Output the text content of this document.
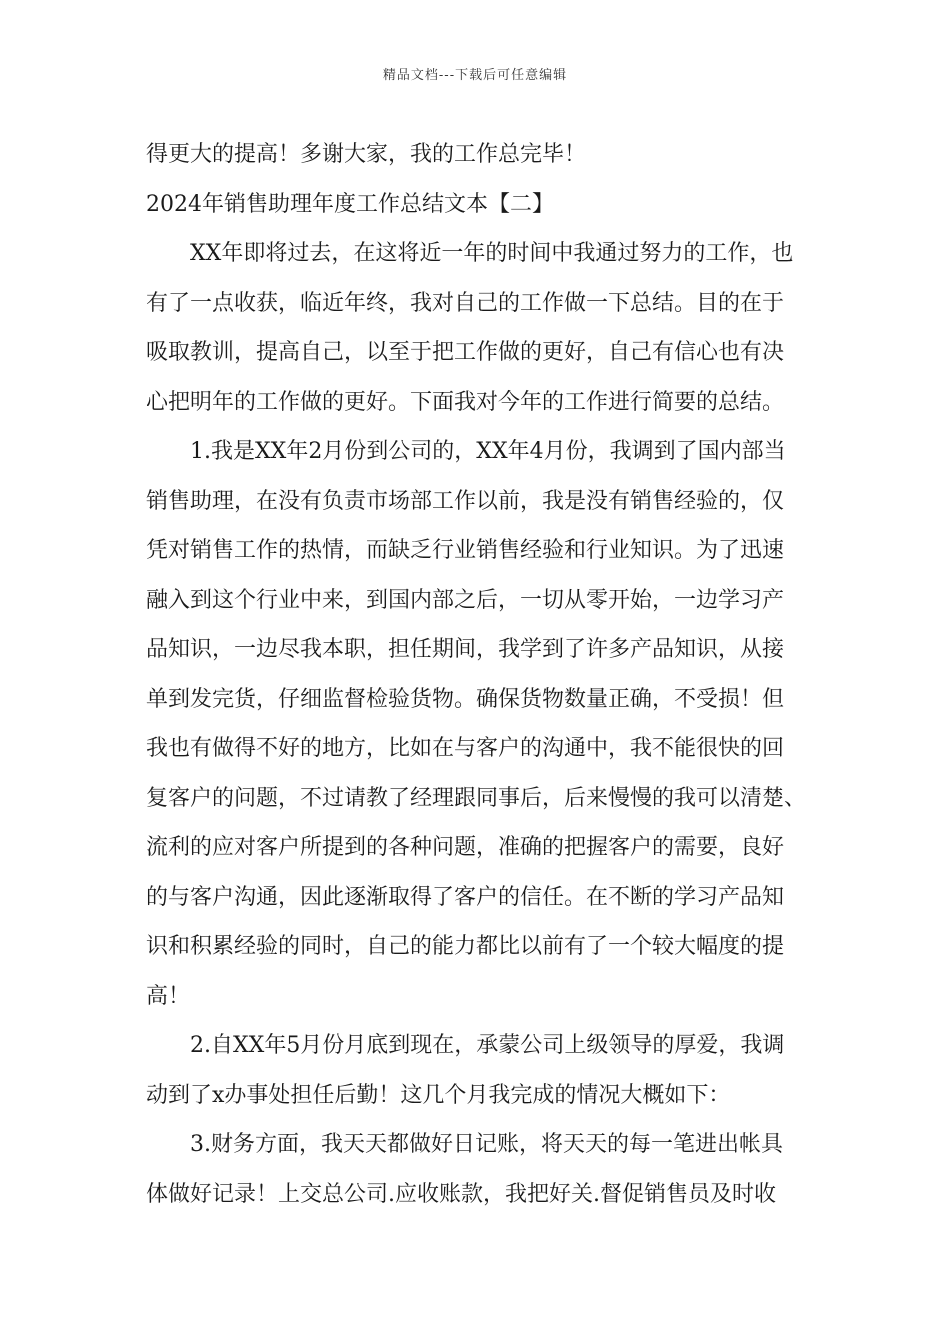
精品文档---下载后可任意编辑
得更大的提高！多谢大家，我的工作总完毕！
2024年销售助理年度工作总结文本【二】
XX年即将过去，在这将近一年的时间中我通过努力的工作，也
有了一点收获，临近年终，我对自己的工作做一下总结。目的在于
吸取教训，提高自己，以至于把工作做的更好，自己有信心也有决
心把明年的工作做的更好。下面我对今年的工作进行简要的总结。
1.我是XX年2月份到公司的，XX年4月份，我调到了国内部当
销售助理，在没有负责市场部工作以前，我是没有销售经验的，仅
凭对销售工作的热情，而缺乏行业销售经验和行业知识。为了迅速
融入到这个行业中来，到国内部之后，一切从零开始，一边学习产
品知识，一边尽我本职，担任期间，我学到了许多产品知识，从接
单到发完货，仔细监督检验货物。确保货物数量正确，不受损！但
我也有做得不好的地方，比如在与客户的沟通中，我不能很快的回
复客户的问题，不过请教了经理跟同事后，后来慢慢的我可以清楚、
流利的应对客户所提到的各种问题，准确的把握客户的需要，良好
的与客户沟通，因此逐渐取得了客户的信任。在不断的学习产品知
识和积累经验的同时，自己的能力都比以前有了一个较大幅度的提
高！
2.自XX年5月份月底到现在，承蒙公司上级领导的厚爱，我调
动到了x办事处担任后勤！这几个月我完成的情况大概如下：
3.财务方面，我天天都做好日记账，将天天的每一笔进出帐具
体做好记录！上交总公司.应收账款，我把好关.督促销售员及时收
